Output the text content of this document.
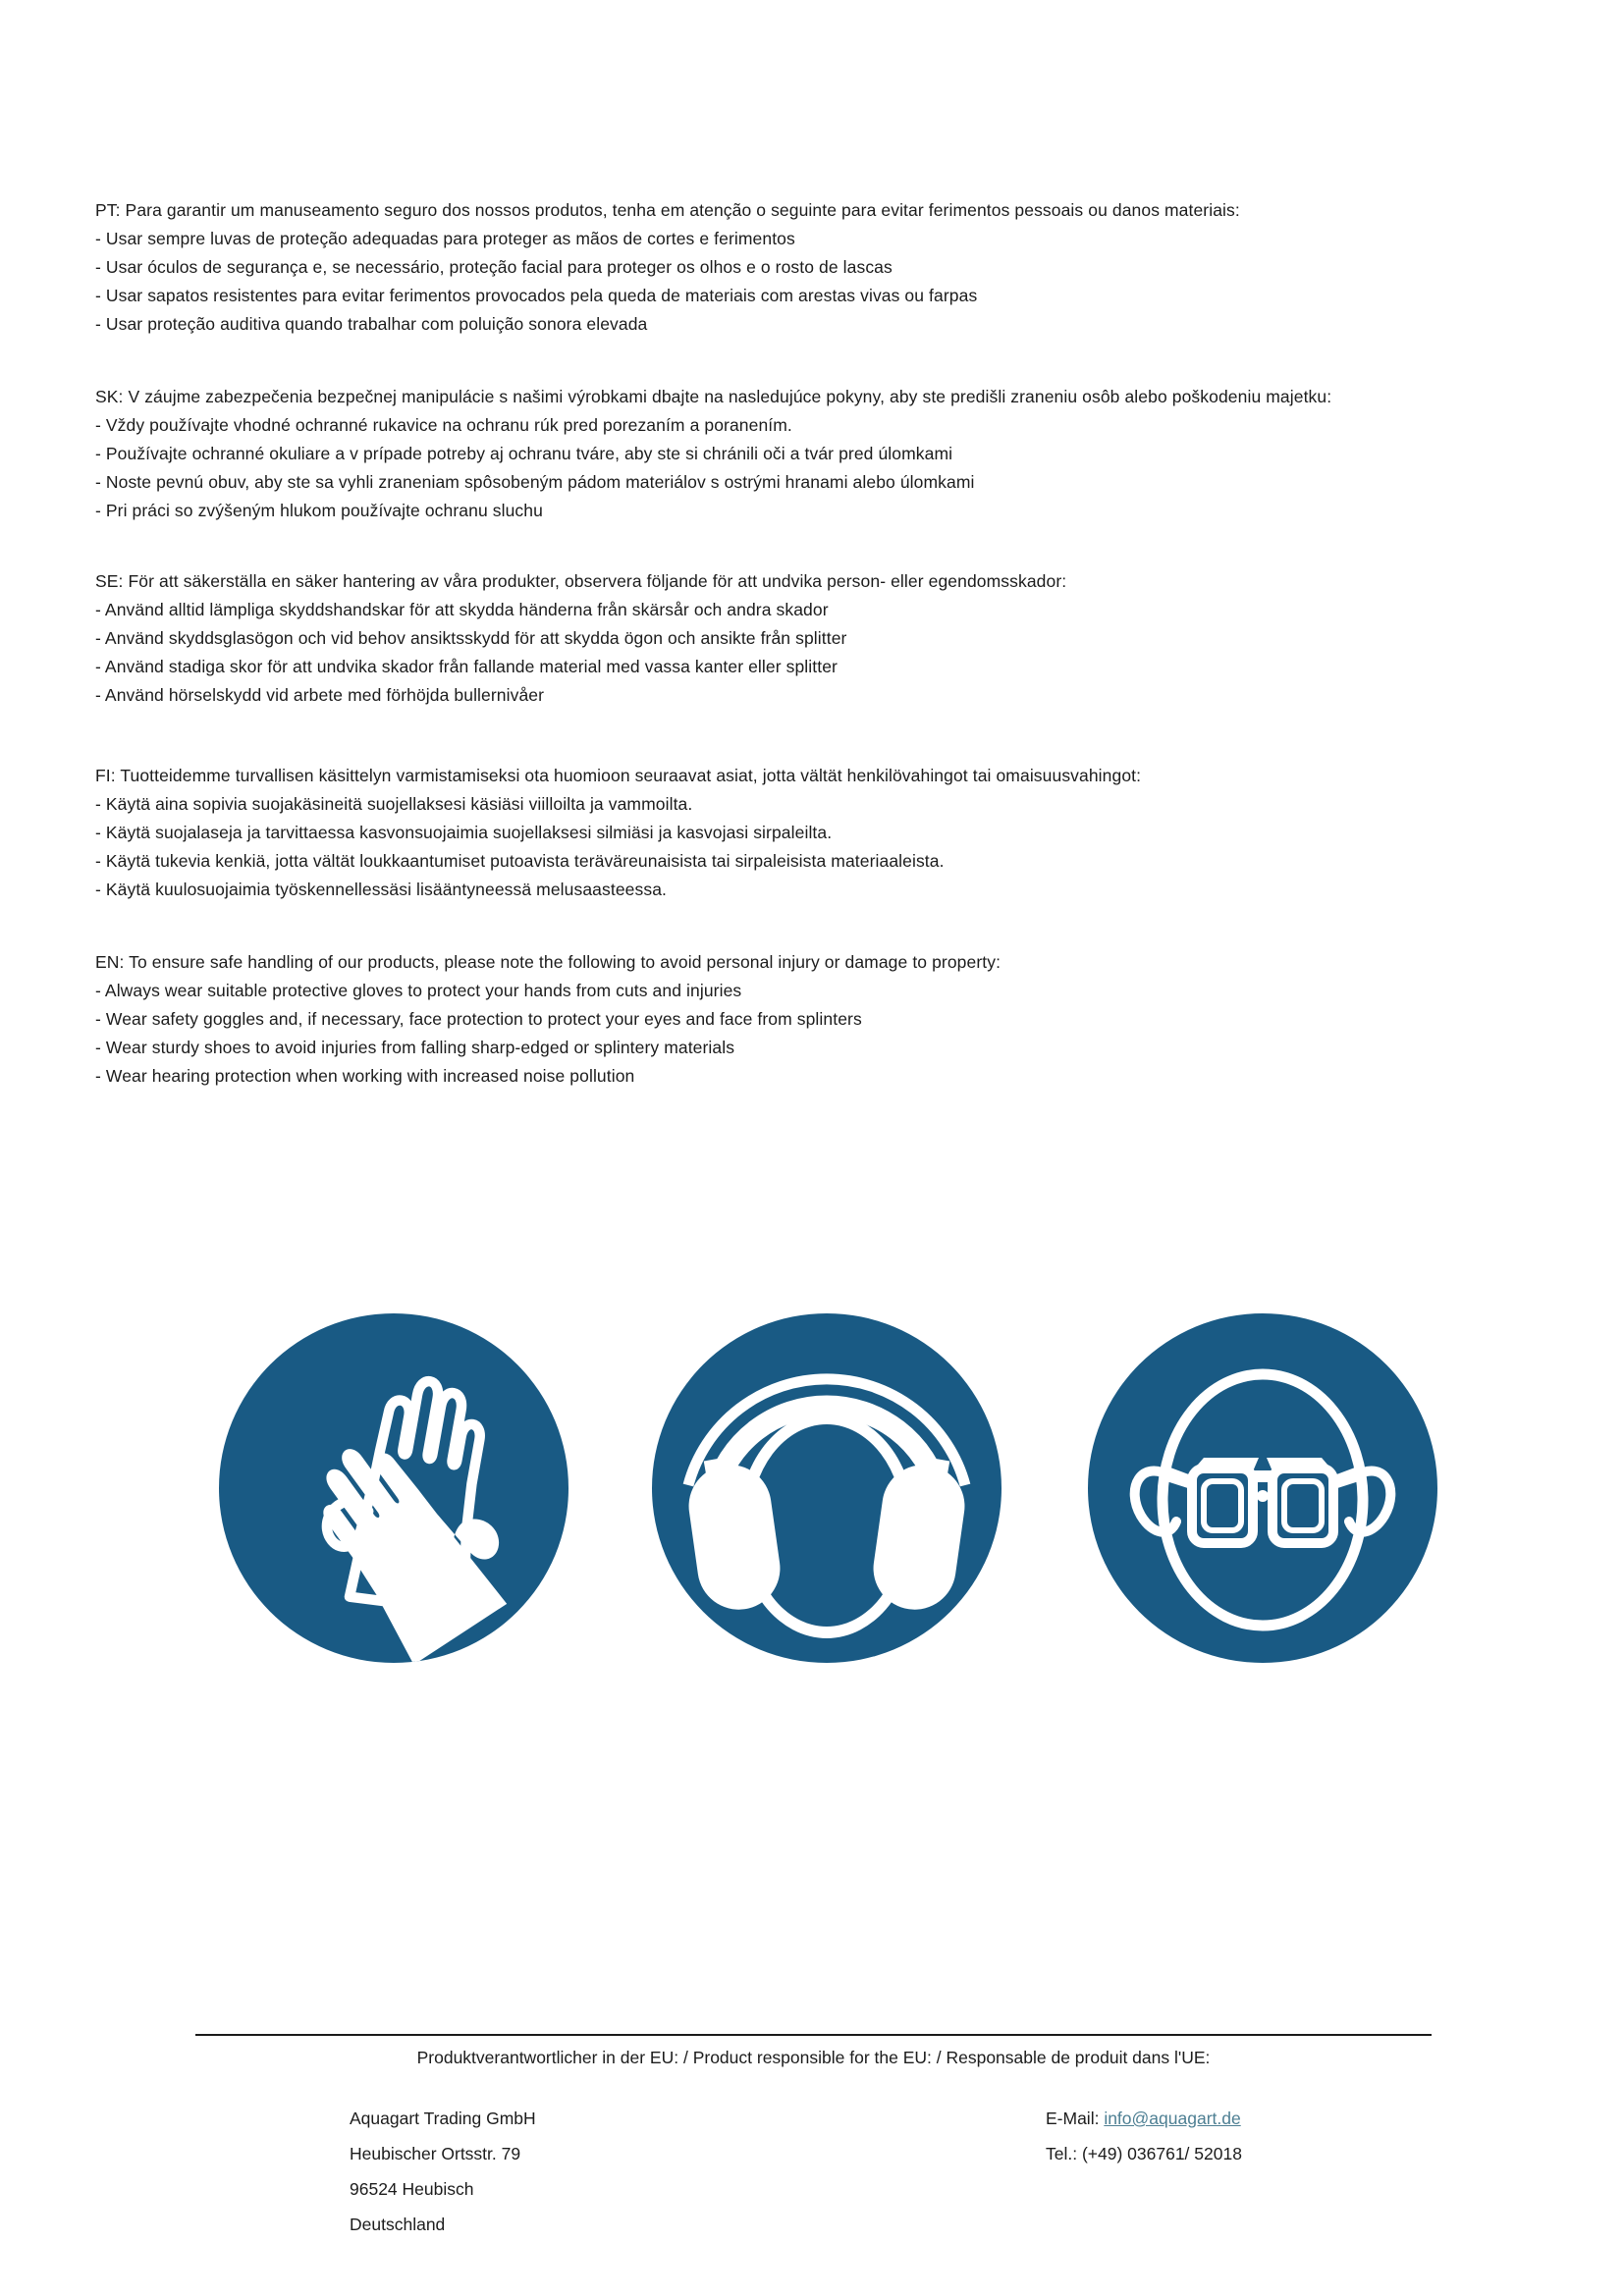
PT: Para garantir um manuseamento seguro dos nossos produtos, tenha em atenção o seguinte para evitar ferimentos pessoais ou danos materiais:
- Usar sempre luvas de proteção adequadas para proteger as mãos de cortes e ferimentos
- Usar óculos de segurança e, se necessário, proteção facial para proteger os olhos e o rosto de lascas
- Usar sapatos resistentes para evitar ferimentos provocados pela queda de materiais com arestas vivas ou farpas
- Usar proteção auditiva quando trabalhar com poluição sonora elevada
SK: V záujme zabezpečenia bezpečnej manipulácie s našimi výrobkami dbajte na nasledujúce pokyny, aby ste predišli zraneniu osôb alebo poškodeniu majetku:
- Vždy používajte vhodné ochranné rukavice na ochranu rúk pred porezaním a poranením.
- Používajte ochranné okuliare a v prípade potreby aj ochranu tváre, aby ste si chránili oči a tvár pred úlomkami
- Noste pevnú obuv, aby ste sa vyhli zraneniam spôsobeným pádom materiálov s ostrými hranami alebo úlomkami
- Pri práci so zvýšeným hlukom používajte ochranu sluchu
SE: För att säkerställa en säker hantering av våra produkter, observera följande för att undvika person- eller egendomsskador:
- Använd alltid lämpliga skyddshandskar för att skydda händerna från skärsår och andra skador
- Använd skyddsglasögon och vid behov ansiktsskydd för att skydda ögon och ansikte från splitter
- Använd stadiga skor för att undvika skador från fallande material med vassa kanter eller splitter
- Använd hörselskydd vid arbete med förhöjda bullernivåer
FI: Tuotteidemme turvallisen käsittelyn varmistamiseksi ota huomioon seuraavat asiat, jotta vältät henkilövahingot tai omaisuusvahingot:
- Käytä aina sopivia suojakäsineitä suojellaksesi käsiäsi viilloilta ja vammoilta.
- Käytä suojalaseja ja tarvittaessa kasvonsuojaimia suojellaksesi silmiäsi ja kasvojasi sirpaleilta.
- Käytä tukevia kenkiä, jotta vältät loukkaantumiset putoavista teräväreunaisista tai sirpaleisista materiaaleista.
- Käytä kuulosuojaimia työskennellessäsi lisääntyneessä melusaasteessa.
EN: To ensure safe handling of our products, please note the following to avoid personal injury or damage to property:
- Always wear suitable protective gloves to protect your hands from cuts and injuries
- Wear safety goggles and, if necessary, face protection to protect your eyes and face from splinters
- Wear sturdy shoes to avoid injuries from falling sharp-edged or splintery materials
- Wear hearing protection when working with increased noise pollution
Produktverantwortlicher in der EU: / Product responsible for the EU: / Responsable de produit dans l'UE:
Aquagart Trading GmbH
Heubischer Ortsstr. 79
96524 Heubisch
Deutschland
E-Mail: info@aquagart.de
Tel.: (+49) 036761/ 52018
